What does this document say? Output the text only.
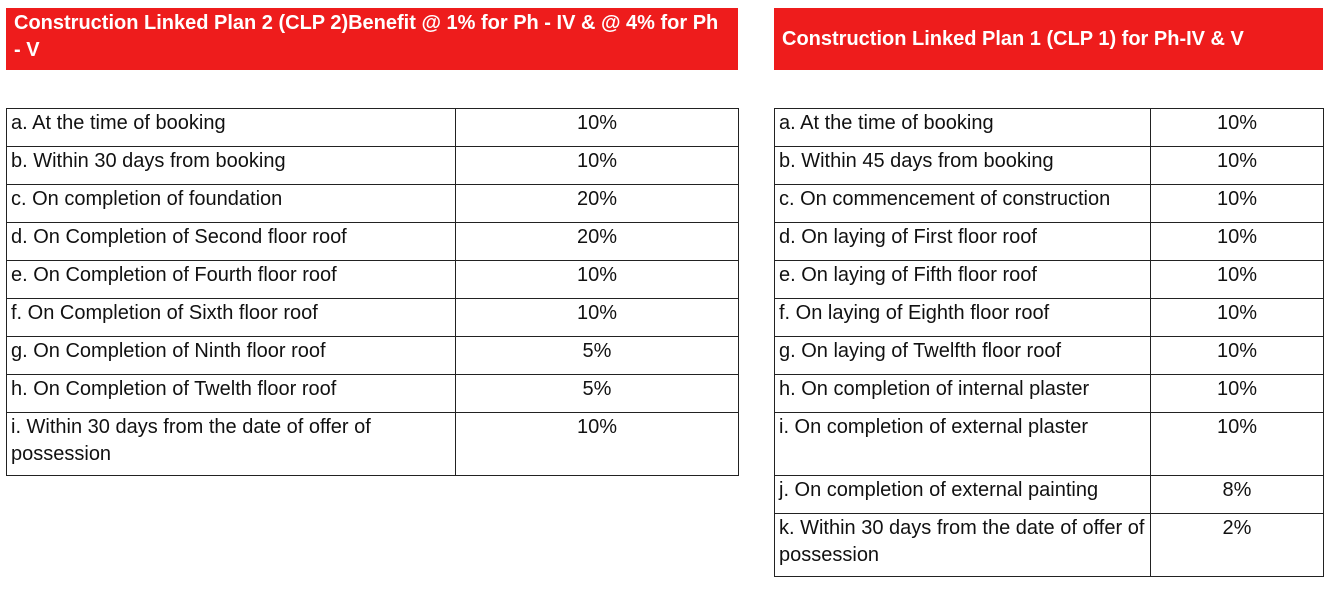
Construction Linked Plan 2 (CLP 2)Benefit @ 1% for Ph - IV & @ 4% for Ph - V
Construction Linked Plan 1 (CLP 1) for Ph-IV & V
a. At the time of booking	10%
b. Within 30 days from booking	10%
c. On completion of foundation	20%
d. On Completion of Second floor roof	20%
e. On Completion of Fourth floor roof	10%
f. On Completion of Sixth floor roof	10%
g. On Completion of Ninth floor roof	5%
h. On Completion of Twelth floor roof	5%
i. Within 30 days from the date of offer of possession	10%
a. At the time of booking	10%
b. Within 45 days from booking	10%
c. On commencement of construction	10%
d. On laying of First floor roof	10%
e. On laying of Fifth floor roof	10%
f. On laying of Eighth floor roof	10%
g. On laying of Twelfth floor roof	10%
h. On completion of internal plaster	10%
i. On completion of external plaster	10%
j. On completion of external painting	8%
k. Within 30 days from the date of offer of possession	2%
